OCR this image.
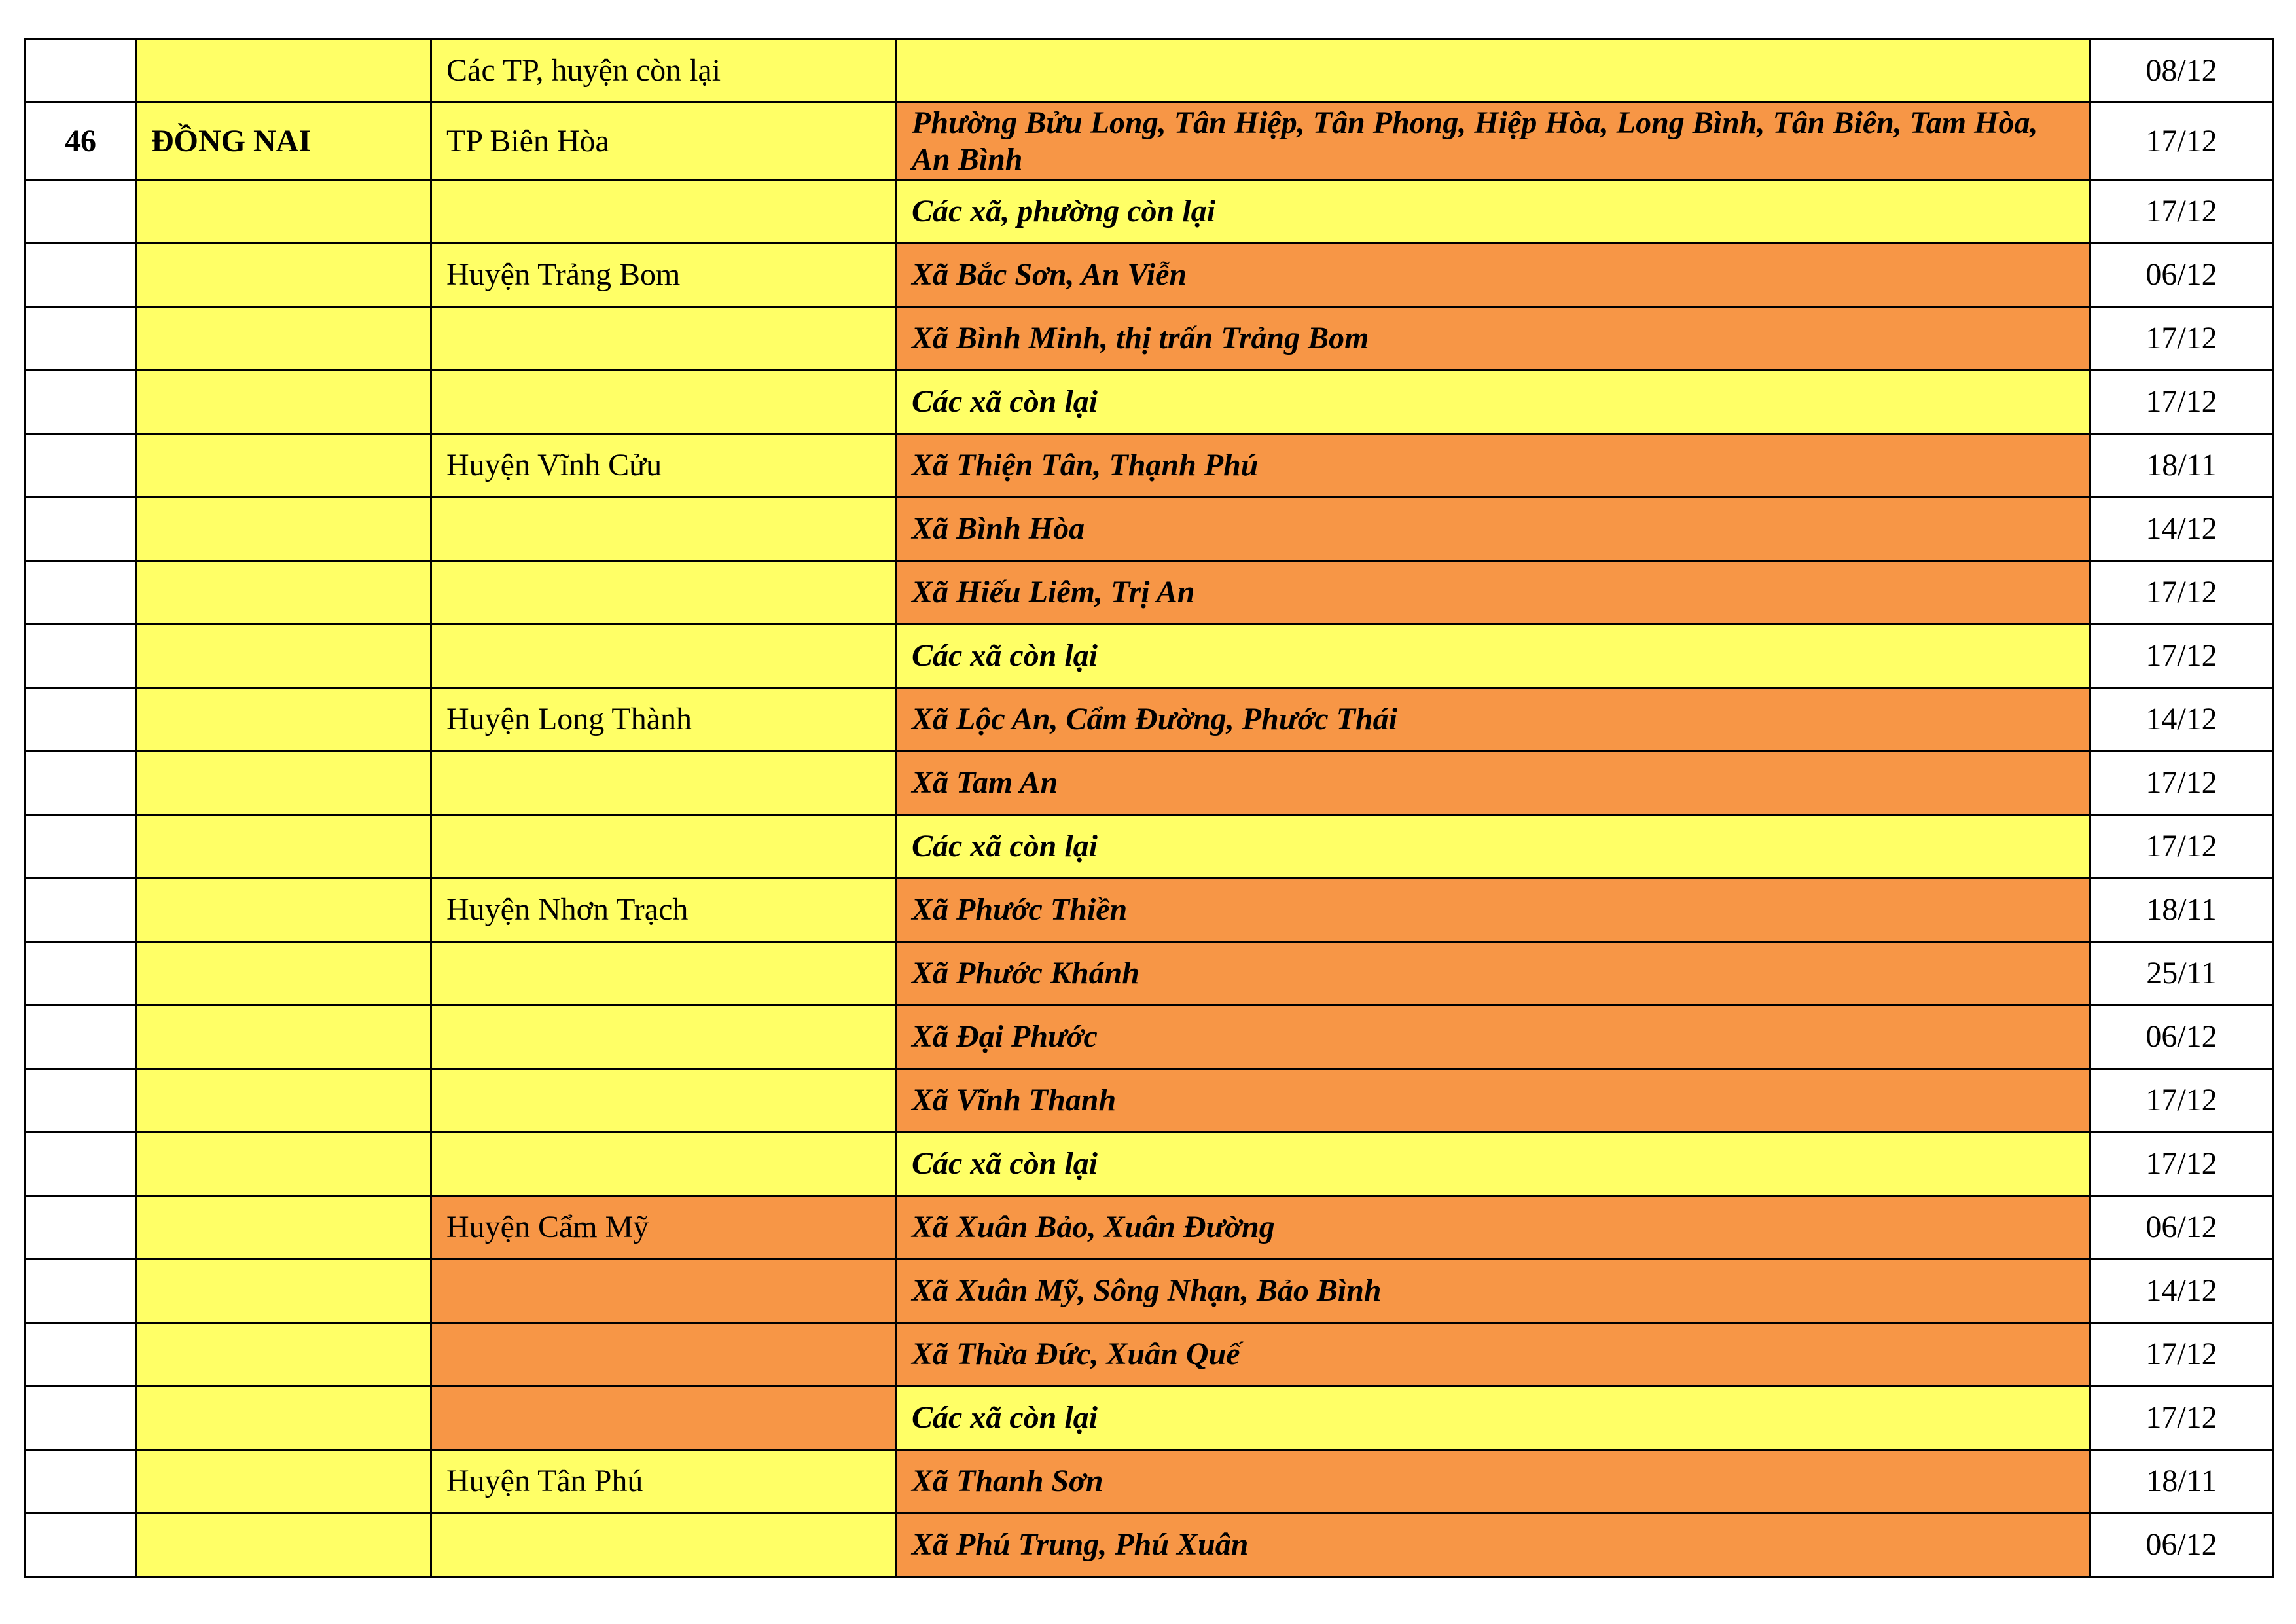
		Các TP, huyện còn lại		08/12
46	ĐỒNG NAI	TP Biên Hòa	Phường Bửu Long, Tân Hiệp, Tân Phong, Hiệp Hòa, Long Bình, Tân Biên, Tam Hòa, An Bình	17/12
			Các xã, phường còn lại	17/12
		Huyện Trảng Bom	Xã Bắc Sơn, An Viễn	06/12
			Xã Bình Minh, thị trấn Trảng Bom	17/12
			Các xã còn lại	17/12
		Huyện Vĩnh Cửu	Xã Thiện Tân, Thạnh Phú	18/11
			Xã Bình Hòa	14/12
			Xã Hiếu Liêm, Trị An	17/12
			Các xã còn lại	17/12
		Huyện Long Thành	Xã Lộc An, Cẩm Đường, Phước Thái	14/12
			Xã Tam An	17/12
			Các xã còn lại	17/12
		Huyện Nhơn Trạch	Xã Phước Thiền	18/11
			Xã Phước Khánh	25/11
			Xã Đại Phước	06/12
			Xã Vĩnh Thanh	17/12
			Các xã còn lại	17/12
		Huyện Cẩm Mỹ	Xã Xuân Bảo, Xuân Đường	06/12
			Xã Xuân Mỹ, Sông Nhạn, Bảo Bình	14/12
			Xã Thừa Đức, Xuân Quế	17/12
			Các xã còn lại	17/12
		Huyện Tân Phú	Xã Thanh Sơn	18/11
			Xã Phú Trung, Phú Xuân	06/12
